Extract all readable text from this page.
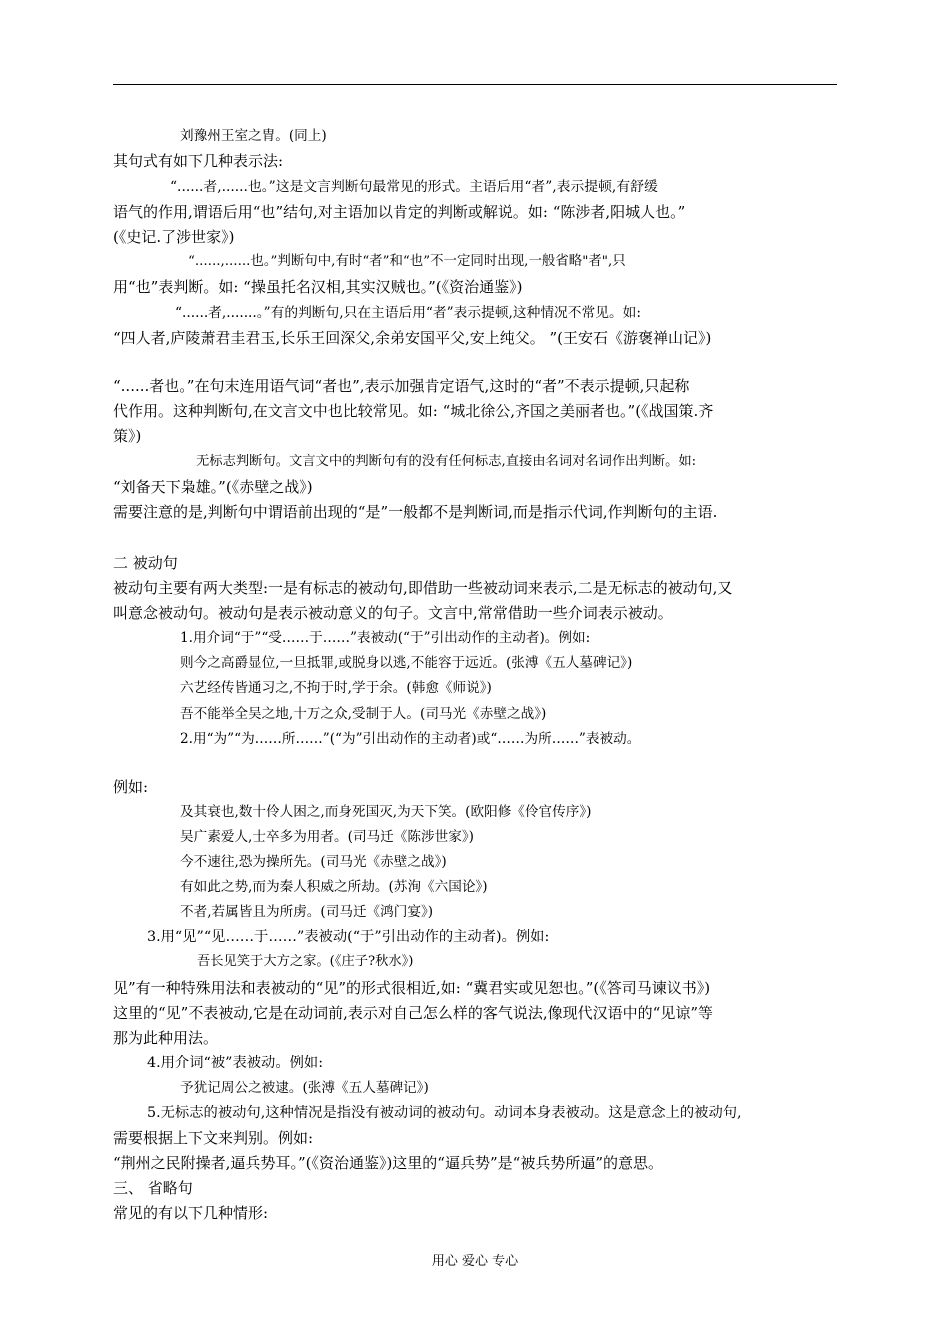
刘豫州王室之胄。(同上)
其句式有如下几种表示法:
“......者,......也。”这是文言判断句最常见的形式。主语后用“者”,表示提顿,有舒缓
语气的作用,谓语后用“也”结句,对主语加以肯定的判断或解说。如: “陈涉者,阳城人也。”
(《史记.了涉世家》)
“......,......也。”判断句中,有时“者”和“也”不一定同时出现,一般省略"者",只
用“也”表判断。如: “操虽托名汉相,其实汉贼也。”(《资治通鉴》)
“......者,.......。”有的判断句,只在主语后用“者”表示提顿,这种情况不常见。如:
“四人者,庐陵萧君圭君玉,长乐王回深父,余弟安国平父,安上纯父。 ”(王安石《游褒禅山记》)
“......者也。”在句末连用语气词“者也”,表示加强肯定语气,这时的“者”不表示提顿,只起称
代作用。这种判断句,在文言文中也比较常见。如: “城北徐公,齐国之美丽者也。”(《战国策.齐
策》)
无标志判断句。文言文中的判断句有的没有任何标志,直接由名词对名词作出判断。如:
“刘备天下枭雄。”(《赤壁之战》)
需要注意的是,判断句中谓语前出现的“是”一般都不是判断词,而是指示代词,作判断句的主语.
二 被动句
被动句主要有两大类型:一是有标志的被动句,即借助一些被动词来表示,二是无标志的被动句,又
叫意念被动句。被动句是表示被动意义的句子。文言中,常常借助一些介词表示被动。
1.用介词“于”“受……于……”表被动(“于”引出动作的主动者)。例如:
则今之高爵显位,一旦抵罪,或脱身以逃,不能容于远近。(张溥《五人墓碑记》)
六艺经传皆通习之,不拘于时,学于余。(韩愈《师说》)
吾不能举全吴之地,十万之众,受制于人。(司马光《赤壁之战》)
2.用“为”“为……所……”(“为”引出动作的主动者)或“……为所……”表被动。
例如:
及其衰也,数十伶人困之,而身死国灭,为天下笑。(欧阳修《伶官传序》)
吴广素爱人,士卒多为用者。(司马迁《陈涉世家》)
今不速往,恐为操所先。(司马光《赤壁之战》)
有如此之势,而为秦人积威之所劫。(苏洵《六国论》)
不者,若属皆且为所虏。(司马迁《鸿门宴》)
3.用“见”“见……于……”表被动(“于”引出动作的主动者)。例如:
吾长见笑于大方之家。(《庄子?秋水》)
见”有一种特殊用法和表被动的“见”的形式很相近,如: “冀君实或见恕也。”(《答司马谏议书》)
这里的“见”不表被动,它是在动词前,表示对自己怎么样的客气说法,像现代汉语中的“见谅”等
那为此种用法。
4.用介词“被”表被动。例如:
予犹记周公之被逮。(张溥《五人墓碑记》)
5.无标志的被动句,这种情况是指没有被动词的被动句。动词本身表被动。这是意念上的被动句,
需要根据上下文来判别。例如:
“荆州之民附操者,逼兵势耳。”(《资治通鉴》)这里的“逼兵势”是“被兵势所逼”的意思。
三、 省略句
常见的有以下几种情形:
用心 爱心 专心
